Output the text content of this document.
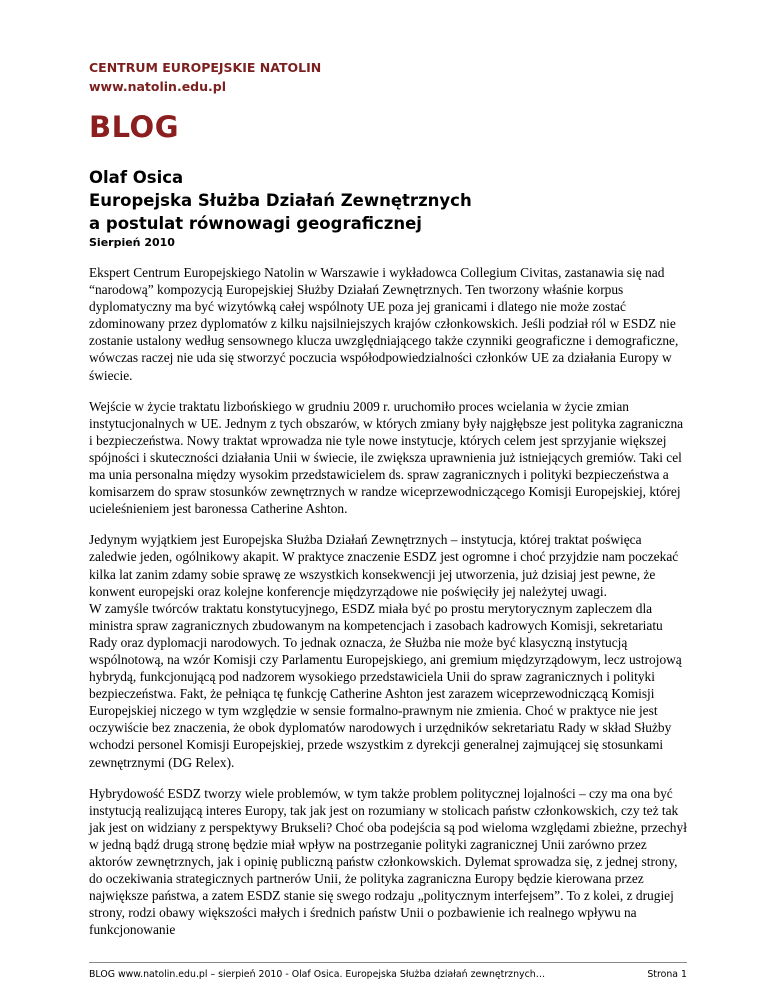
CENTRUM EUROPEJSKIE NATOLIN
www.natolin.edu.pl
BLOG
Olaf Osica
Europejska Służba Działań Zewnętrznych
a postulat równowagi geograficznej
Sierpień 2010

Ekspert Centrum Europejskiego Natolin w Warszawie i wykładowca Collegium Civitas, zastanawia się nad “narodową” kompozycją Europejskiej Służby Działań Zewnętrznych. Ten tworzony właśnie korpus dyplomatyczny ma być wizytówką całej wspólnoty UE poza jej granicami i dlatego nie może zostać zdominowany przez dyplomatów z kilku najsilniejszych krajów członkowskich. Jeśli podział ról w ESDZ nie zostanie ustalony według sensownego klucza uwzględniającego także czynniki geograficzne i demograficzne, wówczas raczej nie uda się stworzyć poczucia współodpowiedzialności członków UE za działania Europy w świecie.

Wejście w życie traktatu lizbońskiego w grudniu 2009 r. uruchomiło proces wcielania w życie zmian instytucjonalnych w UE. Jednym z tych obszarów, w których zmiany były najgłębsze jest polityka zagraniczna i bezpieczeństwa. Nowy traktat wprowadza nie tyle nowe instytucje, których celem jest sprzyjanie większej spójności i skuteczności działania Unii w świecie, ile zwiększa uprawnienia już istniejących gremiów. Taki cel ma unia personalna między wysokim przedstawicielem ds. spraw zagranicznych i polityki bezpieczeństwa a komisarzem do spraw stosunków zewnętrznych w randze wiceprzewodniczącego Komisji Europejskiej, której ucieleśnieniem jest baronessa Catherine Ashton.

Jedynym wyjątkiem jest Europejska Służba Działań Zewnętrznych – instytucja, której traktat poświęca zaledwie jeden, ogólnikowy akapit. W praktyce znaczenie ESDZ jest ogromne i choć przyjdzie nam poczekać kilka lat zanim zdamy sobie sprawę ze wszystkich konsekwencji jej utworzenia, już dzisiaj jest pewne, że konwent europejski oraz kolejne konferencje międzyrządowe nie poświęciły jej należytej uwagi.

W zamyśle twórców traktatu konstytucyjnego, ESDZ miała być po prostu merytorycznym zapleczem dla ministra spraw zagranicznych zbudowanym na kompetencjach i zasobach kadrowych Komisji, sekretariatu Rady oraz dyplomacji narodowych. To jednak oznacza, że Służba nie może być klasyczną instytucją wspólnotową, na wzór Komisji czy Parlamentu Europejskiego, ani gremium międzyrządowym, lecz ustrojową hybrydą, funkcjonującą pod nadzorem wysokiego przedstawiciela Unii do spraw zagranicznych i polityki bezpieczeństwa. Fakt, że pełniąca tę funkcję Catherine Ashton jest zarazem wiceprzewodniczącą Komisji Europejskiej niczego w tym względzie w sensie formalno-prawnym nie zmienia. Choć w praktyce nie jest oczywiście bez znaczenia, że obok dyplomatów narodowych i urzędników sekretariatu Rady w skład Służby wchodzi personel Komisji Europejskiej, przede wszystkim z dyrekcji generalnej zajmującej się stosunkami zewnętrznymi (DG Relex).

Hybrydowość ESDZ tworzy wiele problemów, w tym także problem politycznej lojalności – czy ma ona być instytucją realizującą interes Europy, tak jak jest on rozumiany w stolicach państw członkowskich, czy też tak jak jest on widziany z perspektywy Brukseli? Choć oba podejścia są pod wieloma względami zbieżne, przechył w jedną bądź drugą stronę będzie miał wpływ na postrzeganie polityki zagranicznej Unii zarówno przez aktorów zewnętrznych, jak i opinię publiczną państw członkowskich. Dylemat sprowadza się, z jednej strony, do oczekiwania strategicznych partnerów Unii, że polityka zagraniczna Europy będzie kierowana przez największe państwa, a zatem ESDZ stanie się swego rodzaju „politycznym interfejsem”. To z kolei, z drugiej strony, rodzi obawy większości małych i średnich państw Unii o pozbawienie ich realnego wpływu na funkcjonowanie

BLOG www.natolin.edu.pl – sierpień 2010 - Olaf Osica. Europejska Służba działań zewnętrznych…	Strona 1
